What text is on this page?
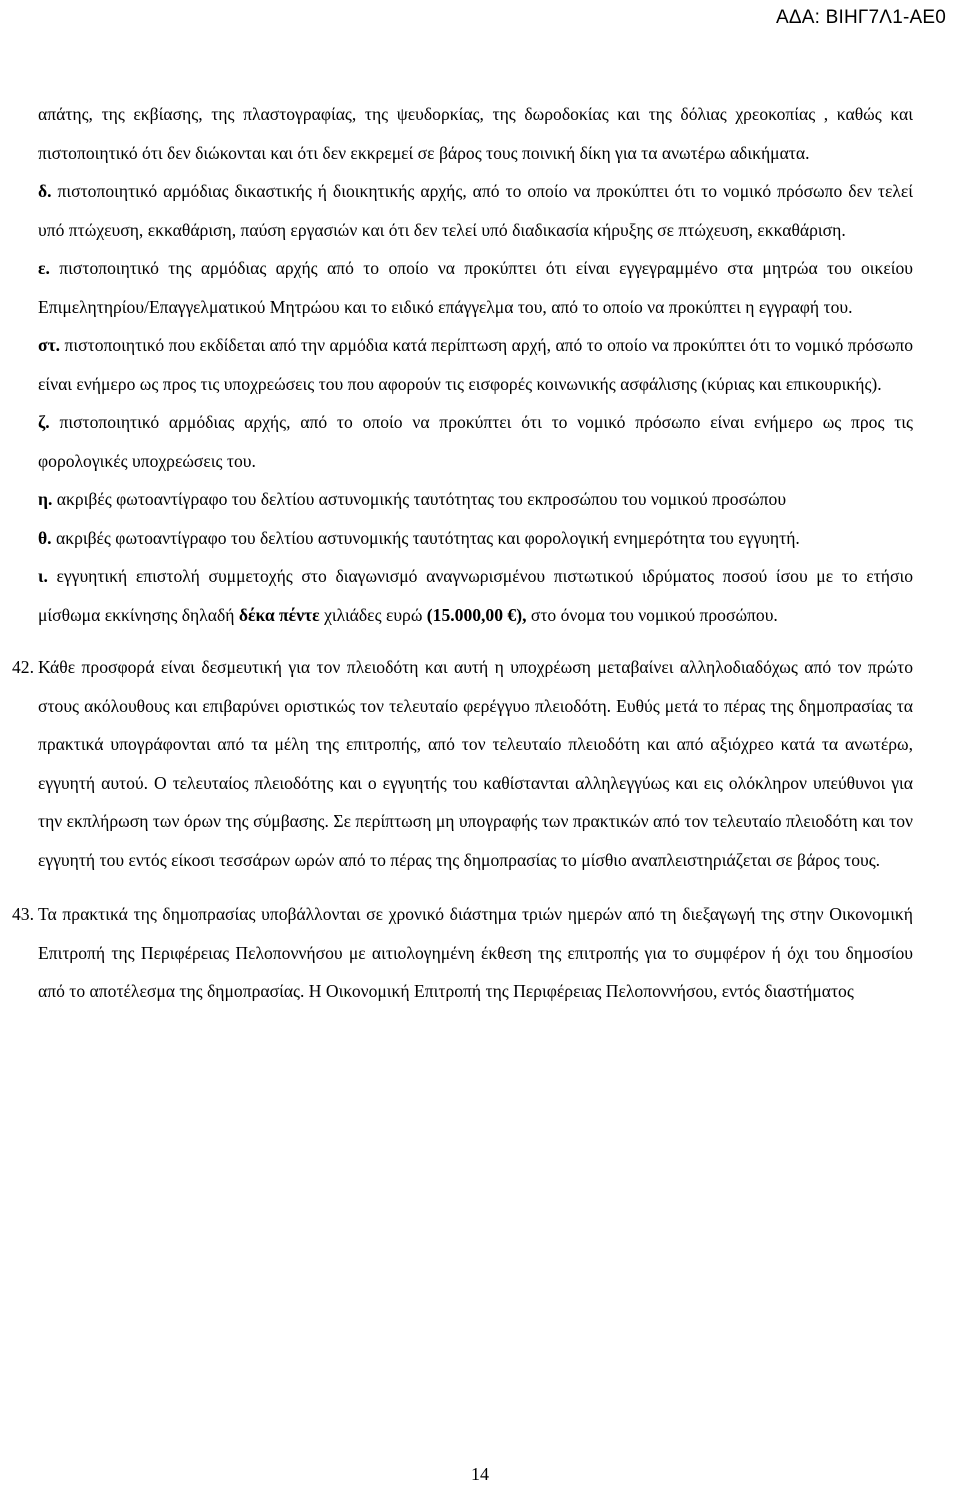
ΑΔΑ: ΒΙΗΓ7Λ1-ΑΕ0

απάτης, της εκβίασης, της πλαστογραφίας, της ψευδορκίας, της δωροδοκίας και της δόλιας χρεοκοπίας , καθώς και πιστοποιητικό ότι δεν διώκονται και ότι δεν εκκρεμεί σε βάρος τους ποινική δίκη για τα ανωτέρω αδικήματα.

δ. πιστοποιητικό αρμόδιας δικαστικής ή διοικητικής αρχής, από το οποίο να προκύπτει ότι το νομικό πρόσωπο δεν τελεί υπό πτώχευση, εκκαθάριση, παύση εργασιών και ότι δεν τελεί υπό διαδικασία κήρυξης σε πτώχευση, εκκαθάριση.

ε. πιστοποιητικό της αρμόδιας αρχής από το οποίο να προκύπτει ότι είναι εγγεγραμμένο στα μητρώα του οικείου Επιμελητηρίου/Επαγγελματικού Μητρώου και το ειδικό επάγγελμα του, από το οποίο να προκύπτει η εγγραφή του.

στ. πιστοποιητικό που εκδίδεται από την αρμόδια κατά περίπτωση αρχή, από το οποίο να προκύπτει ότι το νομικό πρόσωπο είναι ενήμερο ως προς τις υποχρεώσεις του που αφορούν τις εισφορές κοινωνικής ασφάλισης (κύριας και επικουρικής).

ζ. πιστοποιητικό αρμόδιας αρχής, από το οποίο να προκύπτει ότι το νομικό πρόσωπο είναι ενήμερο ως προς τις φορολογικές υποχρεώσεις του.

η. ακριβές φωτοαντίγραφο του δελτίου αστυνομικής ταυτότητας του εκπροσώπου του νομικού προσώπου

θ. ακριβές φωτοαντίγραφο του δελτίου αστυνομικής ταυτότητας και φορολογική ενημερότητα του εγγυητή.

ι. εγγυητική επιστολή συμμετοχής στο διαγωνισμό αναγνωρισμένου πιστωτικού ιδρύματος ποσού ίσου με το ετήσιο μίσθωμα εκκίνησης δηλαδή δέκα πέντε χιλιάδες ευρώ (15.000,00 €), στο όνομα του νομικού προσώπου.

42. Κάθε προσφορά είναι δεσμευτική για τον πλειοδότη και αυτή η υποχρέωση μεταβαίνει αλληλοδιαδόχως από τον πρώτο στους ακόλουθους και επιβαρύνει οριστικώς τον τελευταίο φερέγγυο πλειοδότη. Ευθύς μετά το πέρας της δημοπρασίας τα πρακτικά υπογράφονται από τα μέλη της επιτροπής, από τον τελευταίο πλειοδότη και από αξιόχρεο κατά τα ανωτέρω, εγγυητή αυτού. Ο τελευταίος πλειοδότης και ο εγγυητής του καθίστανται αλληλεγγύως και εις ολόκληρον υπεύθυνοι για την εκπλήρωση των όρων της σύμβασης. Σε περίπτωση μη υπογραφής των πρακτικών από τον τελευταίο πλειοδότη και τον εγγυητή του εντός είκοσι τεσσάρων ωρών από το πέρας της δημοπρασίας το μίσθιο αναπλειστηριάζεται σε βάρος τους.

43. Τα πρακτικά της δημοπρασίας υποβάλλονται σε χρονικό διάστημα τριών ημερών από τη διεξαγωγή της στην Οικονομική Επιτροπή της Περιφέρειας Πελοποννήσου με αιτιολογημένη έκθεση της επιτροπής για το συμφέρον ή όχι του δημοσίου από το αποτέλεσμα της δημοπρασίας. Η Οικονομική Επιτροπή της Περιφέρειας Πελοποννήσου, εντός διαστήματος

14
